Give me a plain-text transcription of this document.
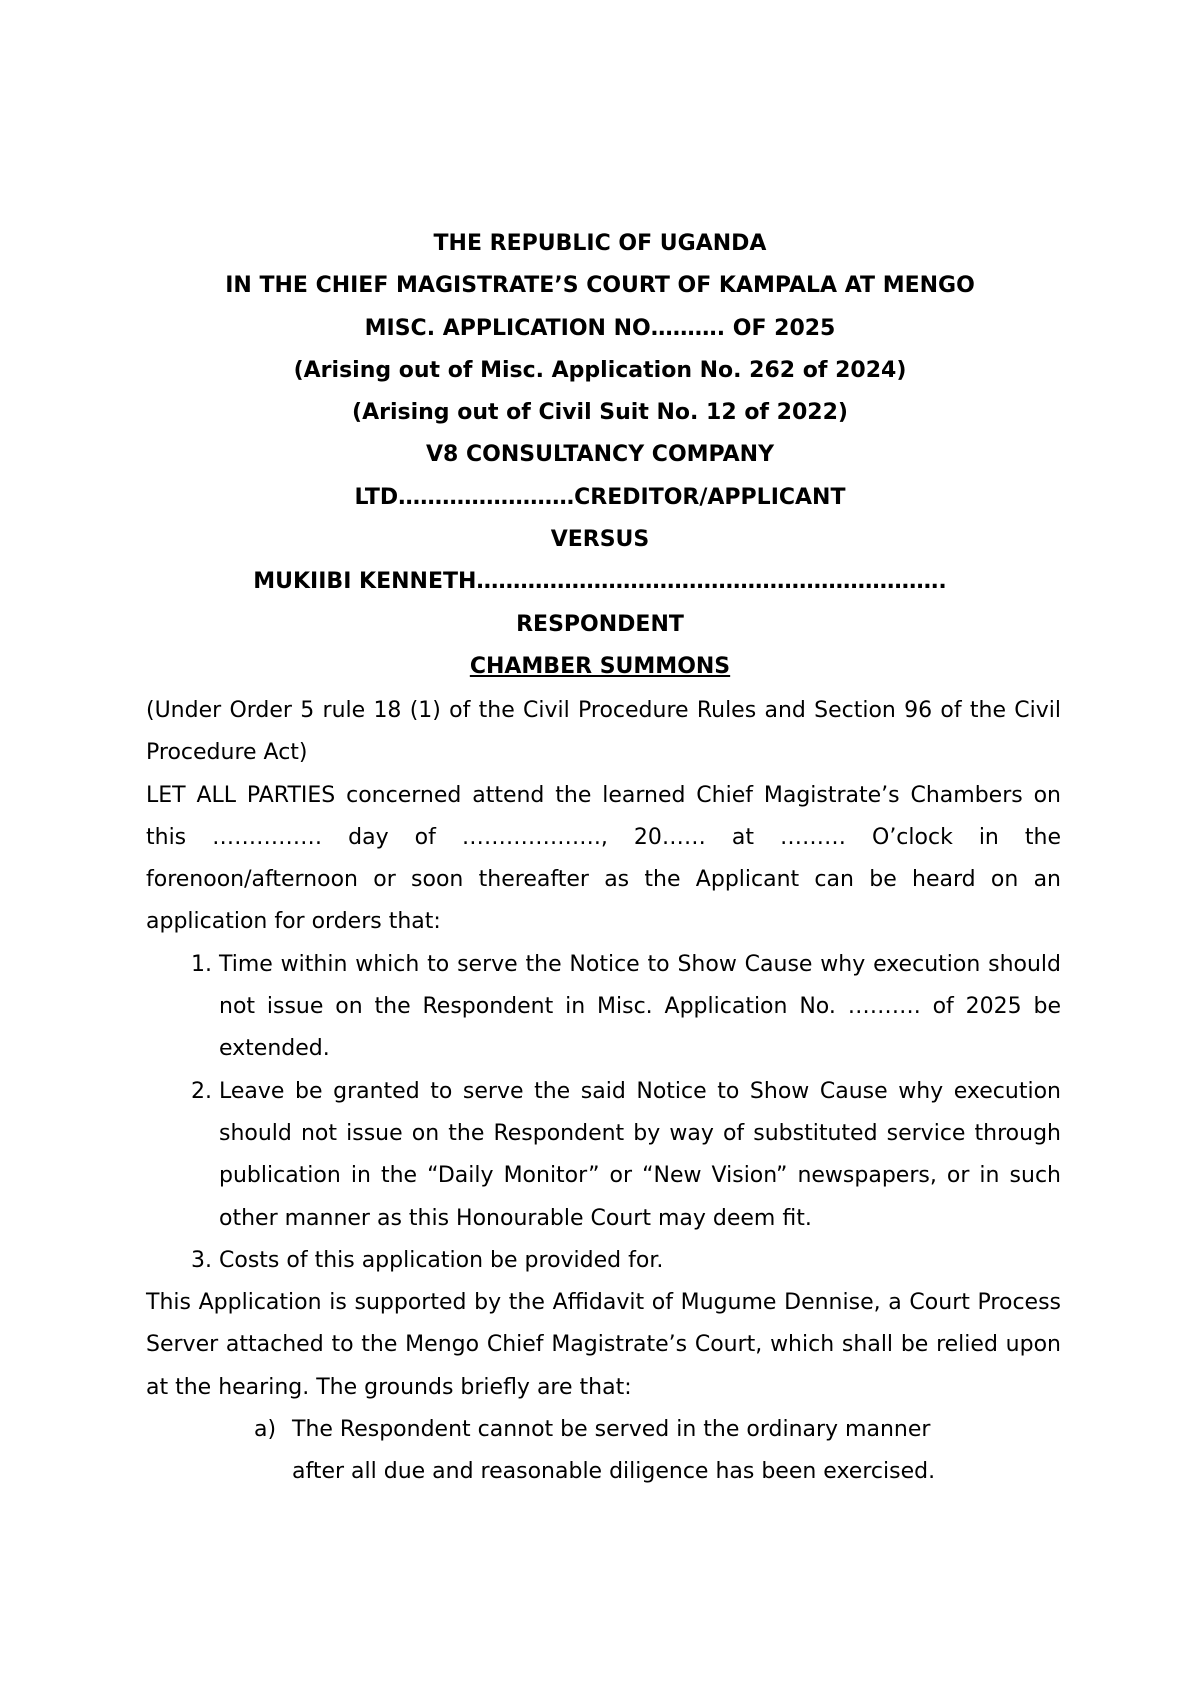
THE REPUBLIC OF UGANDA
IN THE CHIEF MAGISTRATE’S COURT OF KAMPALA AT MENGO
MISC. APPLICATION NO………. OF 2025
(Arising out of Misc. Application No. 262 of 2024)
(Arising out of Civil Suit No. 12 of 2022)
V8 CONSULTANCY COMPANY
LTD……………………CREDITOR/APPLICANT
VERSUS
MUKIIBI KENNETH……………………………………………………….
RESPONDENT
CHAMBER SUMMONS
(Under Order 5 rule 18 (1) of the Civil Procedure Rules and Section 96 of the Civil Procedure Act)
LET ALL PARTIES concerned attend the learned Chief Magistrate’s Chambers on this …………… day of ………………., 20…… at ……… O’clock in the forenoon/afternoon or soon thereafter as the Applicant can be heard on an application for orders that:
1. Time within which to serve the Notice to Show Cause why execution should not issue on the Respondent in Misc. Application No. ………. of 2025 be extended.
2. Leave be granted to serve the said Notice to Show Cause why execution should not issue on the Respondent by way of substituted service through publication in the “Daily Monitor” or “New Vision” newspapers, or in such other manner as this Honourable Court may deem fit.
3. Costs of this application be provided for.
This Application is supported by the Affidavit of Mugume Dennise, a Court Process Server attached to the Mengo Chief Magistrate’s Court, which shall be relied upon at the hearing. The grounds briefly are that:
a) The Respondent cannot be served in the ordinary manner
after all due and reasonable diligence has been exercised.
